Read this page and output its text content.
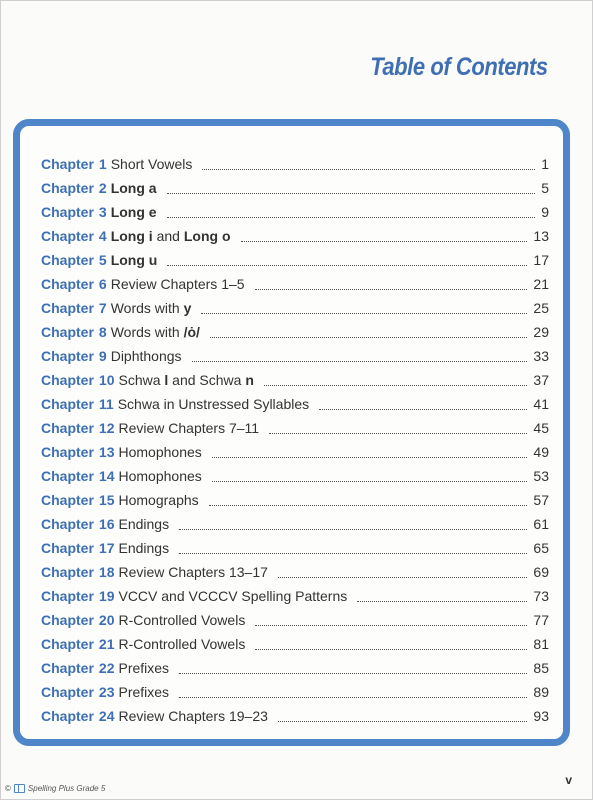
Table of Contents
Chapter 1 Short Vowels	1
Chapter 2 Long a	5
Chapter 3 Long e	9
Chapter 4 Long i and Long o	13
Chapter 5 Long u	17
Chapter 6 Review Chapters 1–5	21
Chapter 7 Words with y	25
Chapter 8 Words with /ȯ/	29
Chapter 9 Diphthongs	33
Chapter 10 Schwa l and Schwa n	37
Chapter 11 Schwa in Unstressed Syllables	41
Chapter 12 Review Chapters 7–11	45
Chapter 13 Homophones	49
Chapter 14 Homophones	53
Chapter 15 Homographs	57
Chapter 16 Endings	61
Chapter 17 Endings	65
Chapter 18 Review Chapters 13–17	69
Chapter 19 VCCV and VCCCV Spelling Patterns	73
Chapter 20 R-Controlled Vowels	77
Chapter 21 R-Controlled Vowels	81
Chapter 22 Prefixes	85
Chapter 23 Prefixes	89
Chapter 24 Review Chapters 19–23	93
© Spelling Plus Grade 5
v
